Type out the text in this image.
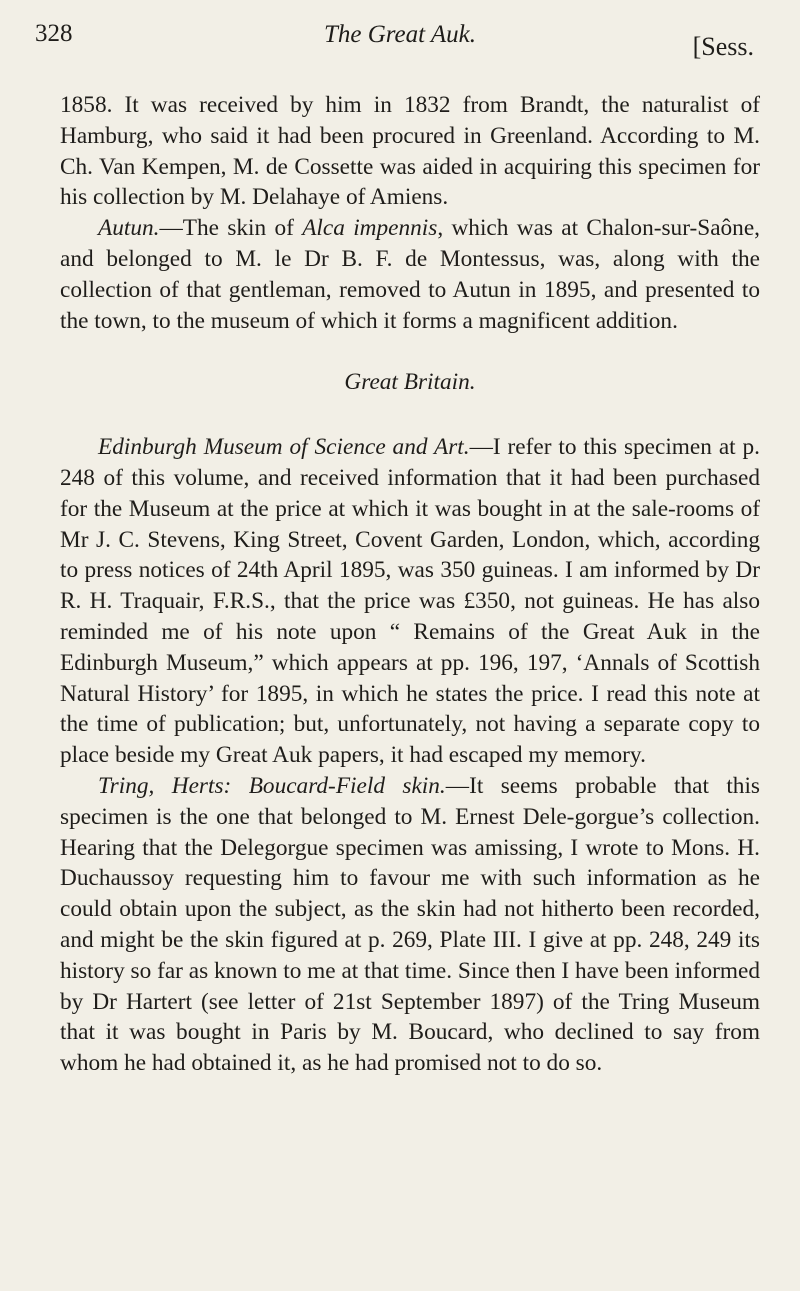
328	The Great Auk.	[Sess.

1858. It was received by him in 1832 from Brandt, the naturalist of Hamburg, who said it had been procured in Greenland. According to M. Ch. Van Kempen, M. de Cossette was aided in acquiring this specimen for his collection by M. Delahaye of Amiens.

Autun.—The skin of Alca impennis, which was at Chalon-sur-Saône, and belonged to M. le Dr B. F. de Montessus, was, along with the collection of that gentleman, removed to Autun in 1895, and presented to the town, to the museum of which it forms a magnificent addition.

Great Britain.

Edinburgh Museum of Science and Art.—I refer to this specimen at p. 248 of this volume, and received information that it had been purchased for the Museum at the price at which it was bought in at the sale-rooms of Mr J. C. Stevens, King Street, Covent Garden, London, which, according to press notices of 24th April 1895, was 350 guineas. I am informed by Dr R. H. Traquair, F.R.S., that the price was £350, not guineas. He has also reminded me of his note upon “ Remains of the Great Auk in the Edinburgh Museum,” which appears at pp. 196, 197, ‘Annals of Scottish Natural History’ for 1895, in which he states the price. I read this note at the time of publication; but, unfortunately, not having a separate copy to place beside my Great Auk papers, it had escaped my memory.

Tring, Herts: Boucard-Field skin.—It seems probable that this specimen is the one that belonged to M. Ernest Dele-gorgue’s collection. Hearing that the Delegorgue specimen was amissing, I wrote to Mons. H. Duchaussoy requesting him to favour me with such information as he could obtain upon the subject, as the skin had not hitherto been recorded, and might be the skin figured at p. 269, Plate III. I give at pp. 248, 249 its history so far as known to me at that time. Since then I have been informed by Dr Hartert (see letter of 21st September 1897) of the Tring Museum that it was bought in Paris by M. Boucard, who declined to say from whom he had obtained it, as he had promised not to do so.
